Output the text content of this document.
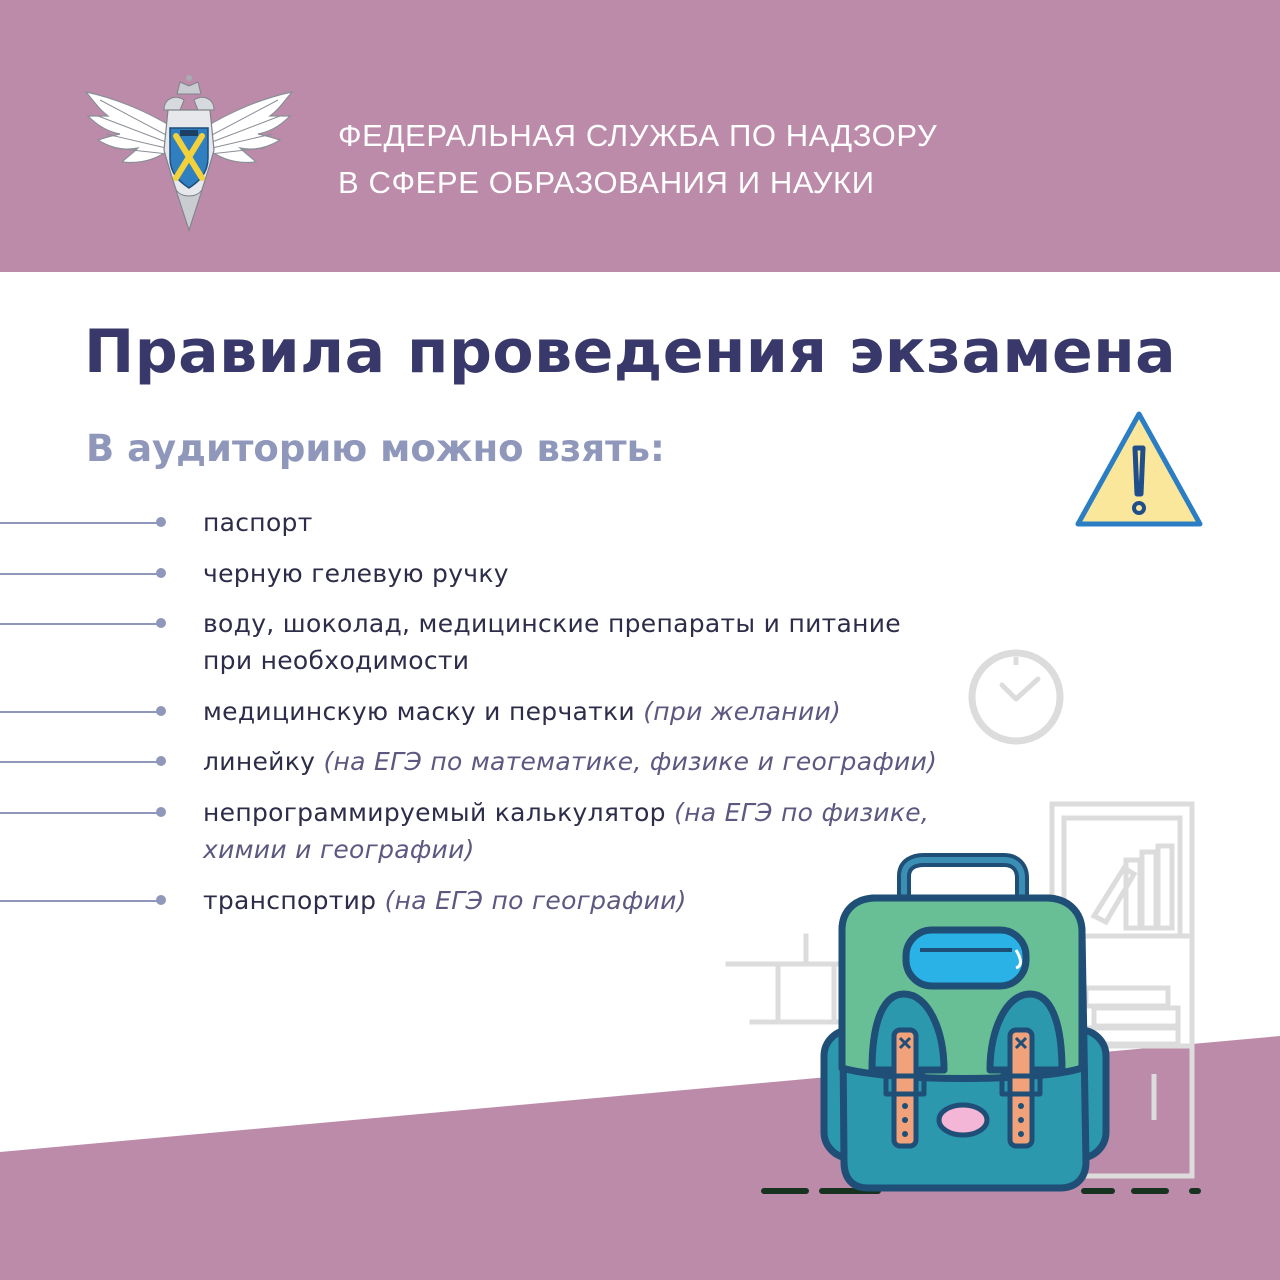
ФЕДЕРАЛЬНАЯ СЛУЖБА ПО НАДЗОРУ
В СФЕРЕ ОБРАЗОВАНИЯ И НАУКИ
Правила проведения экзамена
В аудиторию можно взять:
паспорт
черную гелевую ручку
воду, шоколад, медицинские препараты и питание при необходимости
медицинскую маску и перчатки (при желании)
линейку (на ЕГЭ по математике, физике и географии)
непрограммируемый калькулятор (на ЕГЭ по физике, химии и географии)
транспортир (на ЕГЭ по географии)
